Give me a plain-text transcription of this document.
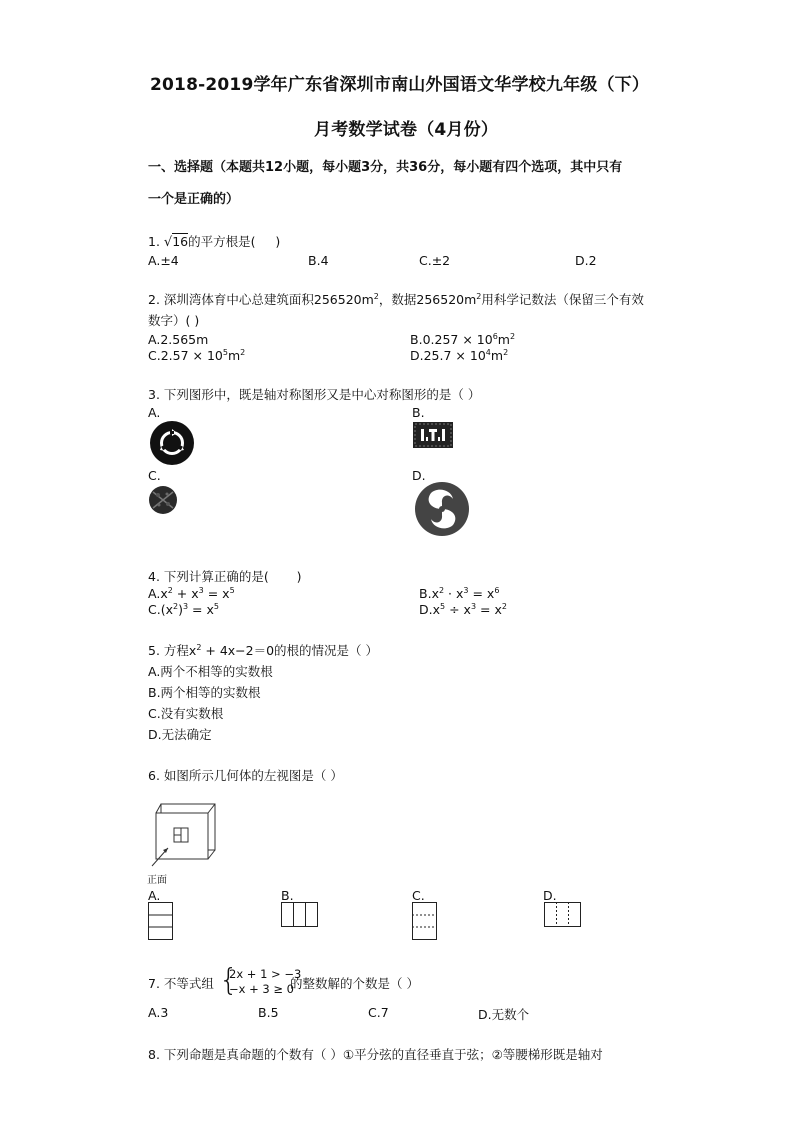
2018-2019学年广东省深圳市南山外国语文华学校九年级（下）
月考数学试卷（4月份）
一、选择题（本题共12小题，每小题3分，共36分，每小题有四个选项，其中只有
一个是正确的）
1. √16的平方根是( )
A.±4	B.4	C.±2	D.2
2. 深圳湾体育中心总建筑面积$256520m^2$，数据$256520m^2$用科学记数法（保留三个有效
数字）( )
A.2.565m	$B.0.257 \times 10^6m^2$
$C.2.57 \times 10^5m^2$	$D.25.7 \times 10^4m^2$
3. 下列图形中，既是轴对称图形又是中心对称图形的是（ ）
A.	B.
C.	D.
4. 下列计算正确的是( )
$A.x^2 + x^3 = x^5$	$B.x^2 \cdot x^3 = x^6$
$C.(x^2)^3 = x^5$	$D.x^5 \div x^3 = x^2$
5. 方程$x^2 + 4x-2=0$的根的情况是（ ）
A.两个不相等的实数根
B.两个相等的实数根
C.没有实数根
D.无法确定
6. 如图所示几何体的左视图是（ ）
正面
A.	B.	C.	D.
7. 不等式组 {
2x + 1 > −3
−x + 3 ≥ 0
的整数解的个数是（ ）
A.3	B.5	C.7	D.无数个
8. 下列命题是真命题的个数有（ ）①平分弦的直径垂直于弦；②等腰梯形既是轴对
